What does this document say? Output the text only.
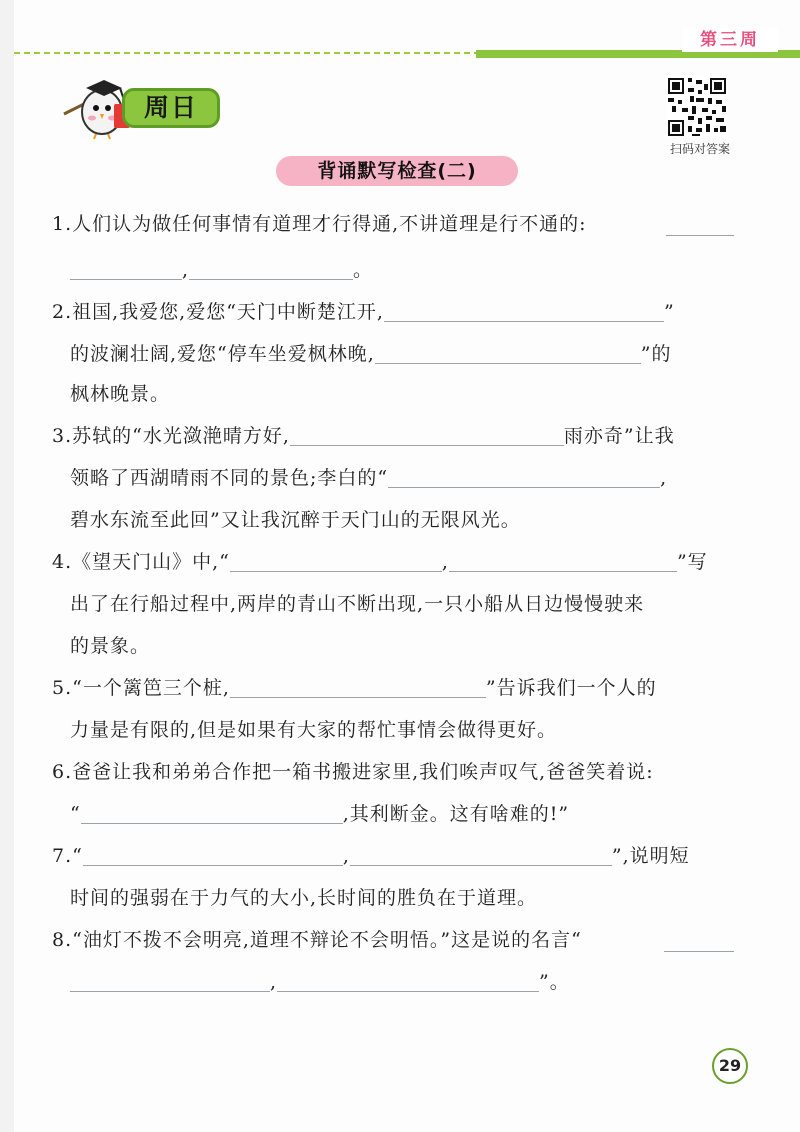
第三周
周日
扫码对答案
背诵默写检查(二)
1.人们认为做任何事情有道理才行得通,不讲道理是行不通的:
,	。
2.祖国,我爱您,爱您“天门中断楚江开,	”
的波澜壮阔,爱您“停车坐爱枫林晚,	”的
枫林晚景。
3.苏轼的“水光潋滟晴方好,	雨亦奇”让我
领略了西湖晴雨不同的景色;李白的“	,
碧水东流至此回”又让我沉醉于天门山的无限风光。
4.《望天门山》中,“	,	”写
出了在行船过程中,两岸的青山不断出现,一只小船从日边慢慢驶来
的景象。
5.“一个篱笆三个桩,	”告诉我们一个人的
力量是有限的,但是如果有大家的帮忙事情会做得更好。
6.爸爸让我和弟弟合作把一箱书搬进家里,我们唉声叹气,爸爸笑着说:
“	,其利断金。这有啥难的!”
7.“	,	”,说明短
时间的强弱在于力气的大小,长时间的胜负在于道理。
8.“油灯不拨不会明亮,道理不辩论不会明悟。”这是说的名言“
,	”。
29
